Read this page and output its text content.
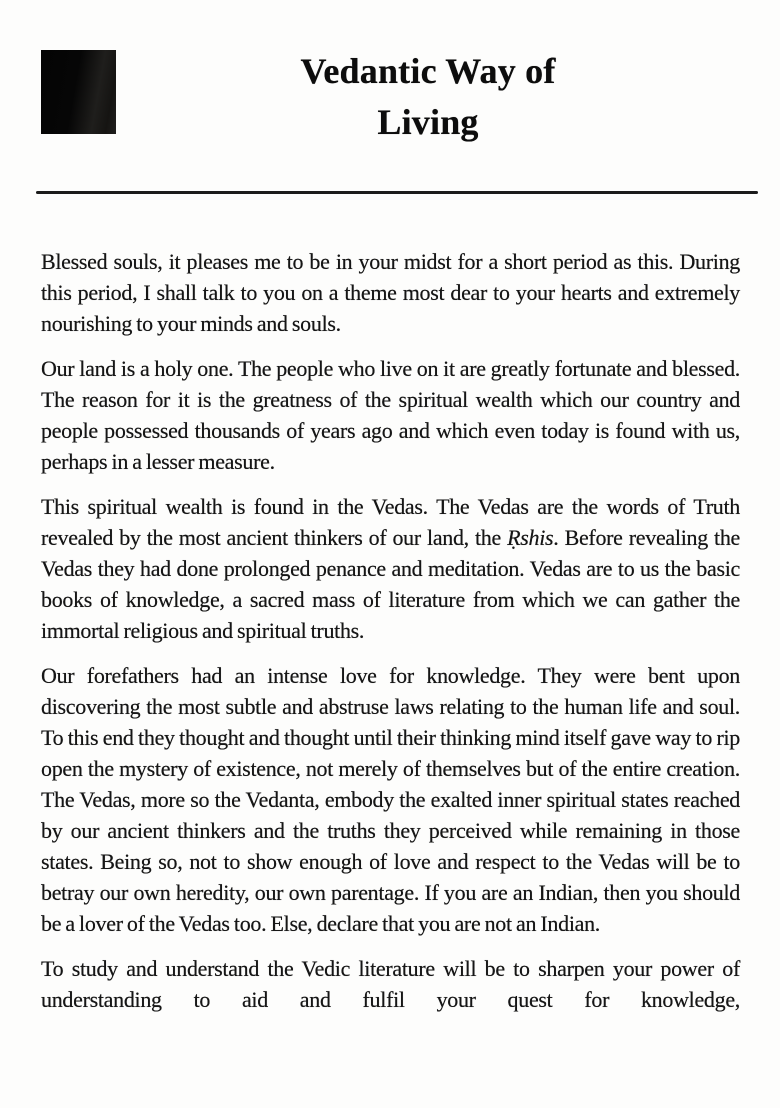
Vedantic Way of
Living

Blessed souls, it pleases me to be in your midst for a short period as this. During this period, I shall talk to you on a theme most dear to your hearts and extremely nourishing to your minds and souls.

Our land is a holy one. The people who live on it are greatly fortunate and blessed. The reason for it is the greatness of the spiritual wealth which our country and people possessed thousands of years ago and which even today is found with us, perhaps in a lesser measure.

This spiritual wealth is found in the Vedas. The Vedas are the words of Truth revealed by the most ancient thinkers of our land, the Ṛshis. Before revealing the Vedas they had done prolonged penance and meditation. Vedas are to us the basic books of knowledge, a sacred mass of literature from which we can gather the immortal religious and spiritual truths.

Our forefathers had an intense love for knowledge. They were bent upon discovering the most subtle and abstruse laws relating to the human life and soul. To this end they thought and thought until their thinking mind itself gave way to rip open the mystery of existence, not merely of themselves but of the entire creation. The Vedas, more so the Vedanta, embody the exalted inner spiritual states reached by our ancient thinkers and the truths they perceived while remaining in those states. Being so, not to show enough of love and respect to the Vedas will be to betray our own heredity, our own parentage. If you are an Indian, then you should be a lover of the Vedas too. Else, declare that you are not an Indian.

To study and understand the Vedic literature will be to sharpen your power of understanding to aid and fulfil your quest for knowledge,
